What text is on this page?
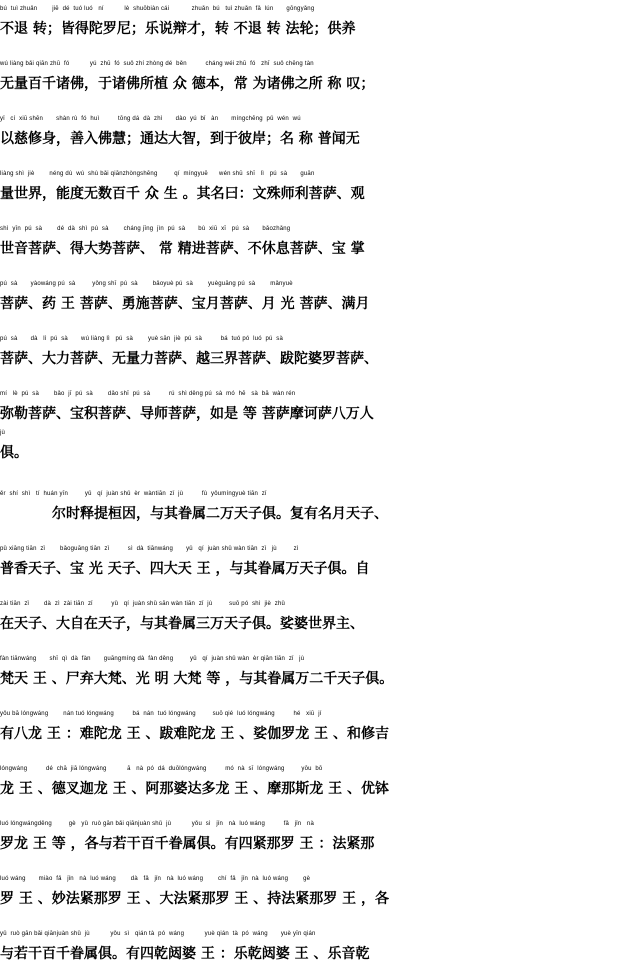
bú  tuì zhuǎn        jiē  dé  tuó luó   ní           lè  shuōbiàn cái            zhuǎn  bú   tuì zhuǎn  fǎ  lún       gōngyǎng
不退 转；皆得陀罗尼；乐说辩才，转 不退 转 法轮；供养
wú liàng bǎi qiān zhū  fó           yú  zhū  fó  suǒ zhí zhòng dé  běn          cháng wéi zhū  fó   zhī  suǒ chēng tàn
无量百千诸佛，于诸佛所植 众 德本，常 为诸佛之所 称 叹；
yǐ   cí  xiū shēn       shàn rù  fó  huì          tōng dá  dà  zhì       dào  yú  bǐ   àn       míngchēng  pǔ  wén  wú
以慈修身，善入佛慧；通达大智，到于彼岸；名 称 普闻无
liàng shì  jiè        néng dù  wú  shù bǎi qiānzhòngshēng         qí  míngyuē      wén shū  shī   lì   pú  sà       guān
量世界，能度无数百千 众 生 。其名曰：文殊师利菩萨、观
shì  yīn  pú  sà        dé  dà  shì  pú  sà        cháng jīng  jìn  pú  sà       bù  xiū  xī   pú  sà       bǎozhǎng
世音菩萨、得大势菩萨、 常 精进菩萨、不休息菩萨、宝 掌
pú  sà       yàowáng pú  sà         yǒng shī  pú  sà        bǎoyuè pú  sà        yuèguāng pú  sà        mǎnyuè
菩萨、药 王 菩萨、勇施菩萨、宝月菩萨、月 光 菩萨、满月
pú  sà       dà   lì  pú  sà       wú liàng lì   pú  sà        yuè sān  jiè  pú  sà          bá  tuó pó  luó  pú  sà
菩萨、大力菩萨、无量力菩萨、越三界菩萨、跋陀婆罗菩萨、
mí   lè  pú  sà        bǎo  jī  pú  sà        dǎo shī  pú  sà          rú  shì děng pú  sà  mó  hē   sà  bā  wàn rén
弥勒菩萨、宝积菩萨、导师菩萨，如是 等 菩萨摩诃萨八万人
jù
俱。
ěr  shí  shì   tí  huán yīn         yǔ   qí  juàn shǔ  èr  wàntiān  zǐ  jù          fù  yǒumíngyuè tiān  zǐ
尔时释提桓因，与其眷属二万天子俱。复有名月天子、
pǔ xiāng tiān  zǐ        bǎoguāng tiān  zǐ          sì  dà  tiānwáng       yǔ   qí  juàn shǔ wàn tiān  zǐ   jù         zì
普香天子、宝 光 天子、四大天 王 ，与其眷属万天子俱。自
zài tiān  zǐ        dà  zì  zài tiān  zǐ          yǔ   qí  juàn shǔ sān wàn tiān  zǐ  jù         suō pó  shì  jiè  zhǔ
在天子、大自在天子，与其眷属三万天子俱。娑婆世界主、
fàn tiānwáng       shī  qì  dà  fàn       guāngmíng dà  fàn děng         yǔ   qí  juàn shǔ wàn  èr qiān tiān  zǐ   jù
梵天 王 、尸弃大梵、光 明 大梵 等 ，与其眷属万二千天子俱。
yǒu bā lóngwáng        nán tuó lóngwáng          bá  nán  tuó lóngwáng         suō qié  luó lóngwáng          hé   xiū  jí
有八龙 王 ：难陀龙 王 、跋难陀龙 王 、娑伽罗龙 王 、和修吉
lóngwáng          dé  chā  jiā lóngwáng           ā   nà  pó  dá  duōlóngwáng          mó  nà  sī  lóngwáng         yōu  bō
龙 王 、德叉迦龙 王 、阿那婆达多龙 王 、摩那斯龙 王 、优钵
luó lóngwángděng         gè   yǔ  ruò gān bǎi qiānjuàn shǔ  jù           yǒu  sì   jǐn   nà  luó wáng          fǎ   jǐn   nà
罗龙 王 等 ，各与若干百千眷属俱。有四紧那罗 王 ：法紧那
luó wáng       miào  fǎ   jǐn   nà  luó wáng        dà   fǎ   jǐn   nà  luó wáng        chí  fǎ   jǐn  nà  luó wáng        gè
罗 王 、妙法紧那罗 王 、大法紧那罗 王 、持法紧那罗 王 ，各
yǔ  ruò gān bǎi qiānjuàn shǔ  jù           yǒu  sì   qián tà  pó  wáng           yuè qián  tà  pó  wáng       yuè yīn qián
与若干百千眷属俱。有四乾闼婆 王 ：乐乾闼婆 王 、乐音乾
